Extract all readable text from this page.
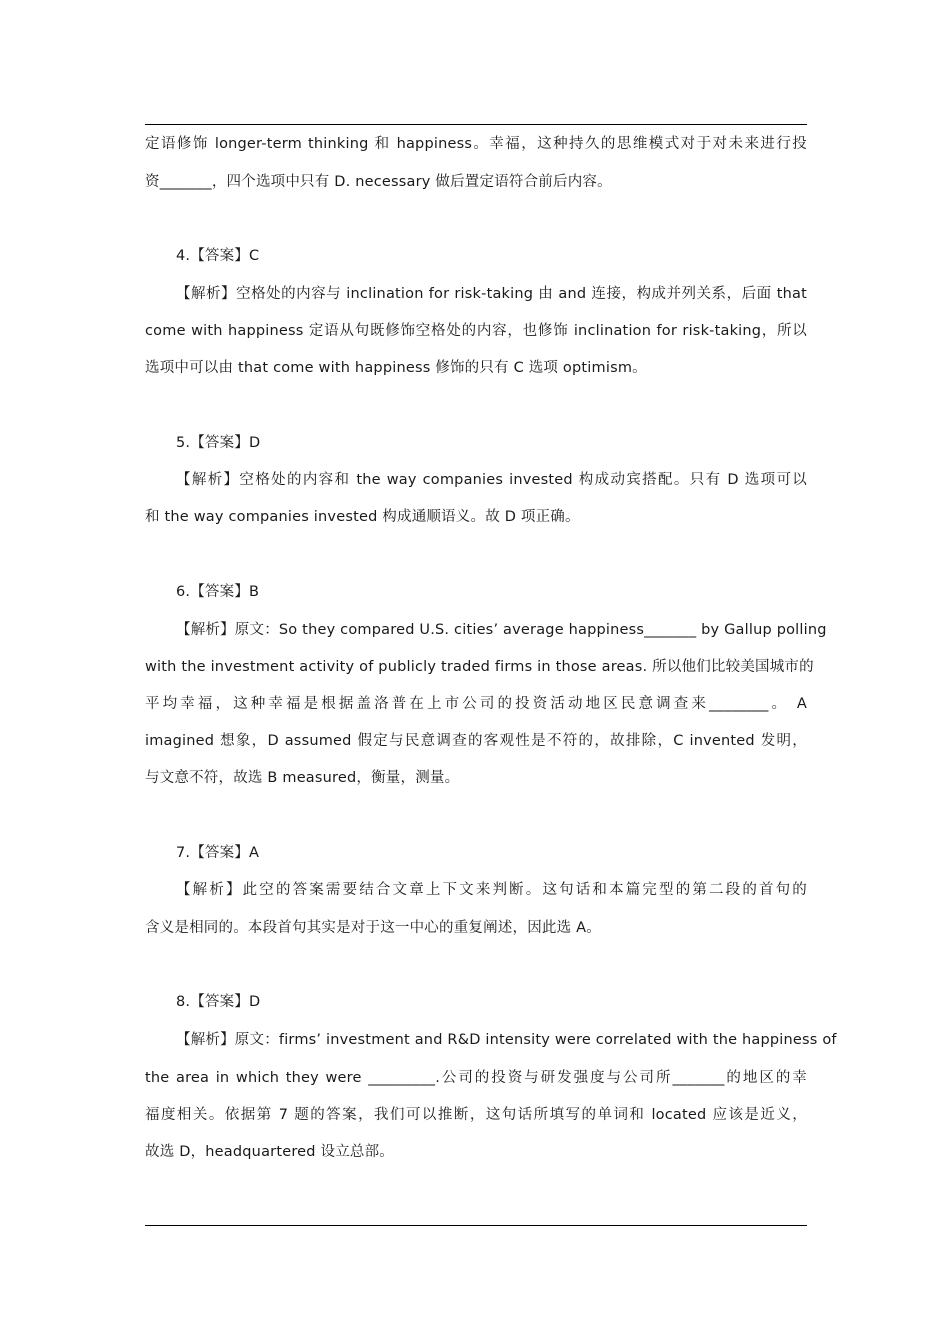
定语修饰 longer-term thinking 和 happiness。幸福，这种持久的思维模式对于对未来进行投
资_______，四个选项中只有 D. necessary 做后置定语符合前后内容。
4.【答案】C
【解析】空格处的内容与 inclination for risk-taking 由 and 连接，构成并列关系，后面 that
come with happiness 定语从句既修饰空格处的内容，也修饰 inclination for risk-taking，所以
选项中可以由 that come with happiness 修饰的只有 C 选项 optimism。
5.【答案】D
【解析】空格处的内容和 the way companies invested 构成动宾搭配。只有 D 选项可以
和 the way companies invested 构成通顺语义。故 D 项正确。
6.【答案】B
【解析】原文：So they compared U.S. cities’ average happiness_______ by Gallup polling
with the investment activity of publicly traded firms in those areas. 所以他们比较美国城市的
平均幸福，这种幸福是根据盖洛普在上市公司的投资活动地区民意调查来________。 A
imagined 想象，D assumed 假定与民意调查的客观性是不符的，故排除，C invented 发明，
与文意不符，故选 B measured，衡量，测量。
7.【答案】A
【解析】此空的答案需要结合文章上下文来判断。这句话和本篇完型的第二段的首句的
含义是相同的。本段首句其实是对于这一中心的重复阐述，因此选 A。
8.【答案】D
【解析】原文：firms’ investment and R&D intensity were correlated with the happiness of
the area in which they were _________.公司的投资与研发强度与公司所_______的地区的幸
福度相关。依据第 7 题的答案，我们可以推断，这句话所填写的单词和 located 应该是近义，
故选 D，headquartered 设立总部。
